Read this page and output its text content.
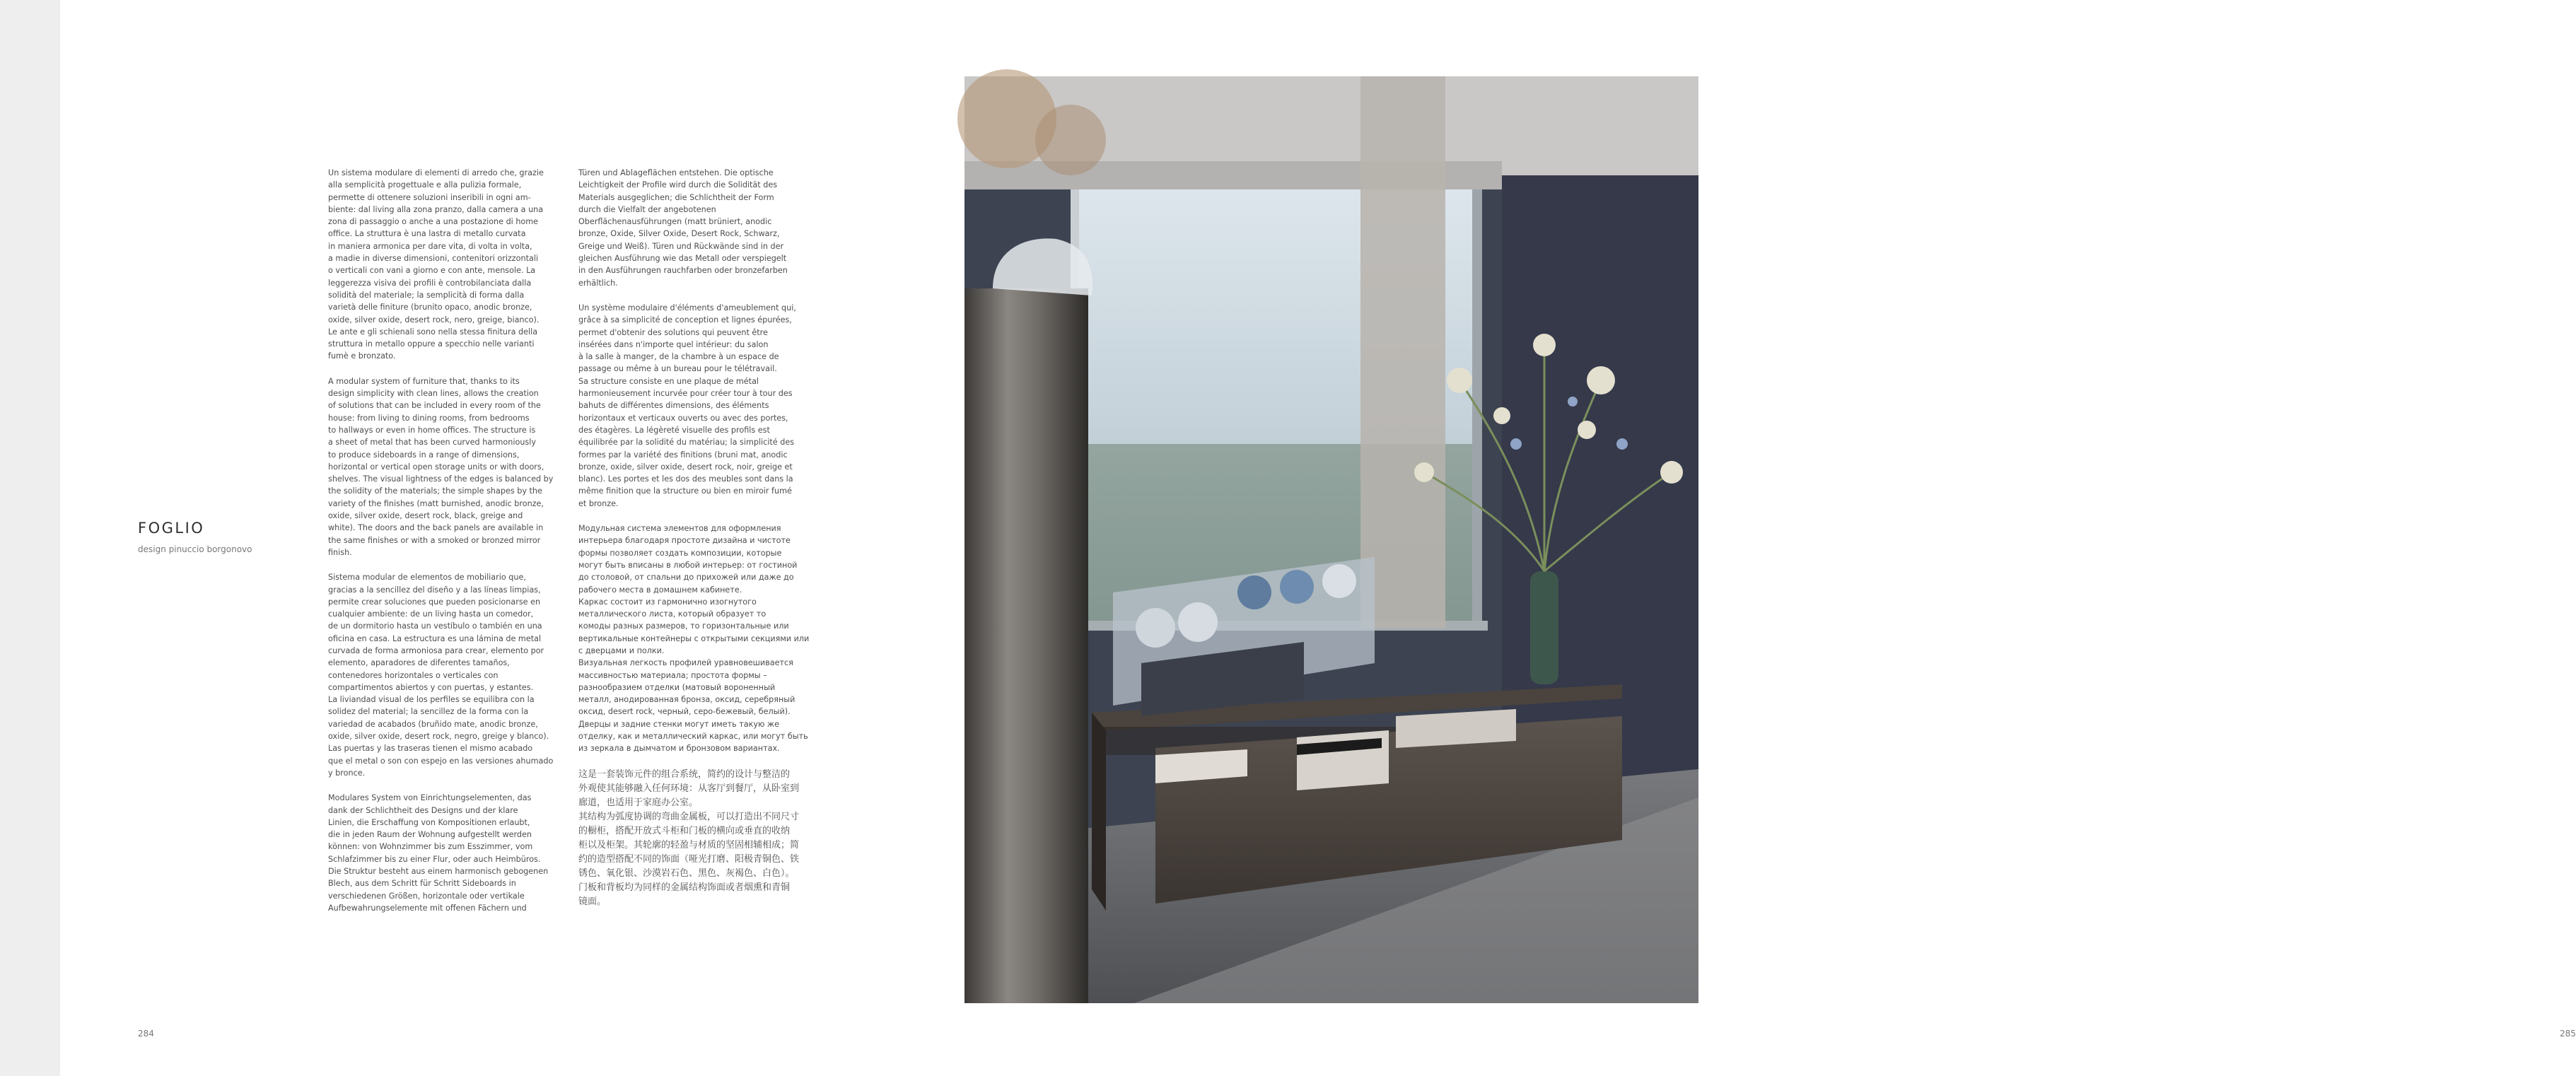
FOGLIO
design pinuccio borgonovo
284

Un sistema modulare di elementi di arredo che, grazie
alla semplicità progettuale e alla pulizia formale,
permette di ottenere soluzioni inseribili in ogni am-
biente: dal living alla zona pranzo, dalla camera a una
zona di passaggio o anche a una postazione di home
office. La struttura è una lastra di metallo curvata
in maniera armonica per dare vita, di volta in volta,
a madie in diverse dimensioni, contenitori orizzontali
o verticali con vani a giorno e con ante, mensole. La
leggerezza visiva dei profili è controbilanciata dalla
solidità del materiale; la semplicità di forma dalla
varietà delle finiture (brunito opaco, anodic bronze,
oxide, silver oxide, desert rock, nero, greige, bianco).
Le ante e gli schienali sono nella stessa finitura della
struttura in metallo oppure a specchio nelle varianti
fumè e bronzato.

A modular system of furniture that, thanks to its
design simplicity with clean lines, allows the creation
of solutions that can be included in every room of the
house: from living to dining rooms, from bedrooms
to hallways or even in home offices. The structure is
a sheet of metal that has been curved harmoniously
to produce sideboards in a range of dimensions,
horizontal or vertical open storage units or with doors,
shelves. The visual lightness of the edges is balanced by
the solidity of the materials; the simple shapes by the
variety of the finishes (matt burnished, anodic bronze,
oxide, silver oxide, desert rock, black, greige and
white). The doors and the back panels are available in
the same finishes or with a smoked or bronzed mirror
finish.

Sistema modular de elementos de mobiliario que,
gracias a la sencillez del diseño y a las líneas limpias,
permite crear soluciones que pueden posicionarse en
cualquier ambiente: de un living hasta un comedor,
de un dormitorio hasta un vestíbulo o también en una
oficina en casa. La estructura es una lámina de metal
curvada de forma armoniosa para crear, elemento por
elemento, aparadores de diferentes tamaños,
contenedores horizontales o verticales con
compartimentos abiertos y con puertas, y estantes.
La liviandad visual de los perfiles se equilibra con la
solidez del material; la sencillez de la forma con la
variedad de acabados (bruñido mate, anodic bronze,
oxide, silver oxide, desert rock, negro, greige y blanco).
Las puertas y las traseras tienen el mismo acabado
que el metal o son con espejo en las versiones ahumado
y bronce.

Modulares System von Einrichtungselementen, das
dank der Schlichtheit des Designs und der klare
Linien, die Erschaffung von Kompositionen erlaubt,
die in jeden Raum der Wohnung aufgestellt werden
können: von Wohnzimmer bis zum Esszimmer, vom
Schlafzimmer bis zu einer Flur, oder auch Heimbüros.
Die Struktur besteht aus einem harmonisch gebogenen
Blech, aus dem Schritt für Schritt Sideboards in
verschiedenen Größen, horizontale oder vertikale
Aufbewahrungselemente mit offenen Fächern und

Türen und Ablageflächen entstehen. Die optische
Leichtigkeit der Profile wird durch die Solidität des
Materials ausgeglichen; die Schlichtheit der Form
durch die Vielfalt der angebotenen
Oberflächenausführungen (matt brüniert, anodic
bronze, Oxide, Silver Oxide, Desert Rock, Schwarz,
Greige und Weiß). Türen und Rückwände sind in der
gleichen Ausführung wie das Metall oder verspiegelt
in den Ausführungen rauchfarben oder bronzefarben
erhältlich.

Un système modulaire d'éléments d'ameublement qui,
grâce à sa simplicité de conception et lignes épurées,
permet d'obtenir des solutions qui peuvent être
insérées dans n'importe quel intérieur: du salon
à la salle à manger, de la chambre à un espace de
passage ou même à un bureau pour le télétravail.
Sa structure consiste en une plaque de métal
harmonieusement incurvée pour créer tour à tour des
bahuts de différentes dimensions, des éléments
horizontaux et verticaux ouverts ou avec des portes,
des étagères. La légèreté visuelle des profils est
équilibrée par la solidité du matériau; la simplicité des
formes par la variété des finitions (bruni mat, anodic
bronze, oxide, silver oxide, desert rock, noir, greige et
blanc). Les portes et les dos des meubles sont dans la
même finition que la structure ou bien en miroir fumé
et bronze.

Модульная система элементов для оформления
интерьера благодаря простоте дизайна и чистоте
формы позволяет создать композиции, которые
могут быть вписаны в любой интерьер: от гостиной
до столовой, от спальни до прихожей или даже до
рабочего места в домашнем кабинете.
Каркас состоит из гармонично изогнутого
металлического листа, который образует то
комоды разных размеров, то горизонтальные или
вертикальные контейнеры с открытыми секциями или
с дверцами и полки.
Визуальная легкость профилей уравновешивается
массивностью материала; простота формы –
разнообразием отделки (матовый вороненный
металл, анодированная бронза, оксид, серебряный
оксид, desert rock, черный, серо-бежевый, белый).
Дверцы и задние стенки могут иметь такую же
отделку, как и металлический каркас, или могут быть
из зеркала в дымчатом и бронзовом вариантах.

这是一套装饰元件的组合系统，简约的设计与整洁的
外观使其能够融入任何环境：从客厅到餐厅，从卧室到
廊道，也适用于家庭办公室。
其结构为弧度协调的弯曲金属板，可以打造出不同尺寸
的橱柜，搭配开放式斗柜和门板的横向或垂直的收纳
柜以及柜架。其轮廓的轻盈与材质的坚固相辅相成；简
约的造型搭配不同的饰面（哑光打磨、阳极青铜色、铁
锈色、氧化银、沙漠岩石色、黑色、灰褐色、白色）。
门板和背板均为同样的金属结构饰面或者烟熏和青铜
镜面。

285
